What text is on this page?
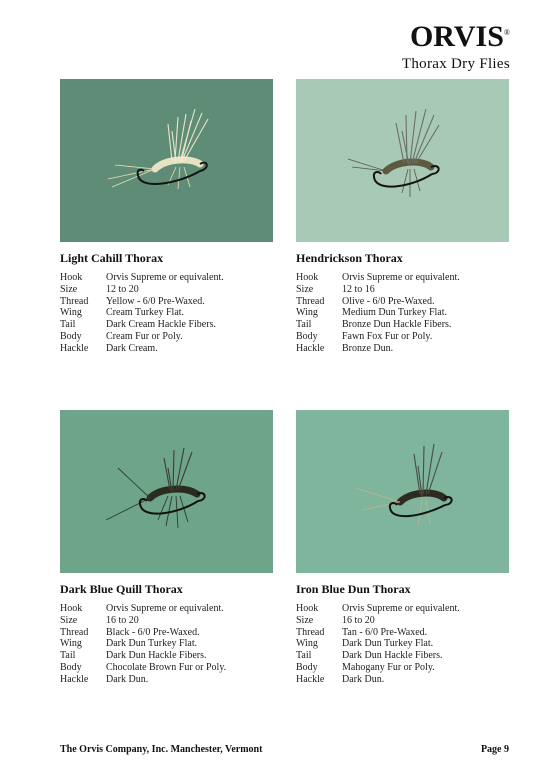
ORVIS®
Thorax Dry Flies
Light Cahill Thorax
Hook	Orvis Supreme or equivalent.
Size	12 to 20
Thread	Yellow - 6/0 Pre-Waxed.
Wing	Cream Turkey Flat.
Tail	Dark Cream Hackle Fibers.
Body	Cream Fur or Poly.
Hackle	Dark Cream.
Hendrickson Thorax
Hook	Orvis Supreme or equivalent.
Size	12 to 16
Thread	Olive - 6/0 Pre-Waxed.
Wing	Medium Dun Turkey Flat.
Tail	Bronze Dun Hackle Fibers.
Body	Fawn Fox Fur or Poly.
Hackle	Bronze Dun.
Dark Blue Quill Thorax
Hook	Orvis Supreme or equivalent.
Size	16 to 20
Thread	Black - 6/0 Pre-Waxed.
Wing	Dark Dun Turkey Flat.
Tail	Dark Dun Hackle Fibers.
Body	Chocolate Brown Fur or Poly.
Hackle	Dark Dun.
Iron Blue Dun Thorax
Hook	Orvis Supreme or equivalent.
Size	16 to 20
Thread	Tan - 6/0 Pre-Waxed.
Wing	Dark Dun Turkey Flat.
Tail	Dark Dun Hackle Fibers.
Body	Mahogany Fur or Poly.
Hackle	Dark Dun.
The Orvis Company, Inc. Manchester, Vermont	Page 9
